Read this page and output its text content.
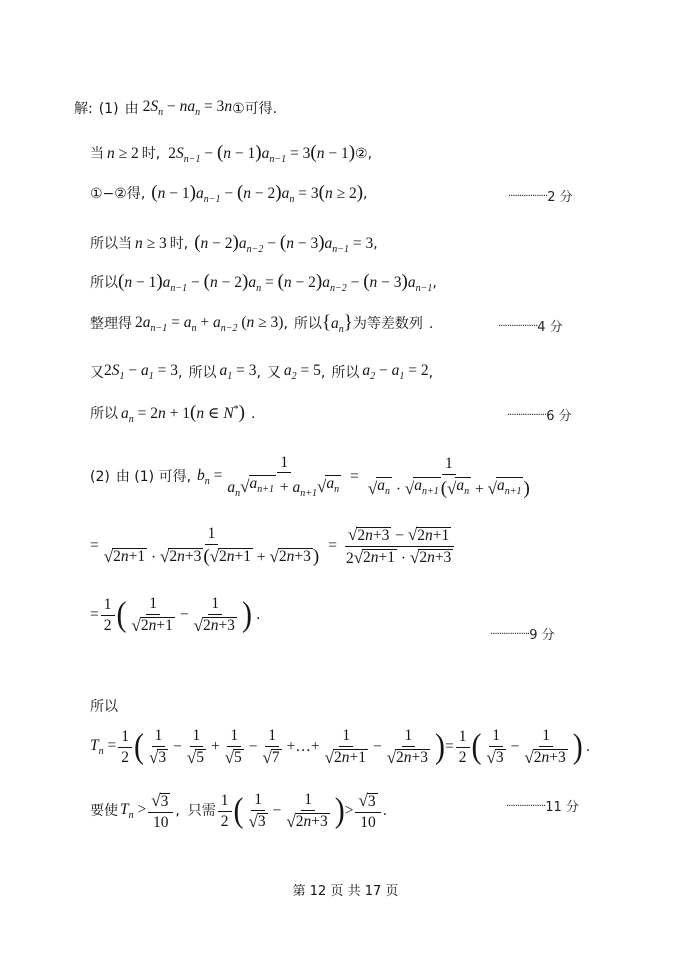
解: (1) 由 $2S_n - na_n = 3n$ ① 可得 .
当 n ≥ 2 时 , $2S_{n-1} - (n - 1)a_{n-1} = 3(n - 1)$ ② ,
①−② 得 , $(n - 1)a_{n-1} - (n - 2)a_n = 3(n \ge 2)$ ,	··················2 分
所以 当 n ≥ 3 时 , $(n - 2)a_{n-2} - (n - 3)a_{n-1} = 3$ ,
所以 $(n - 1)a_{n-1} - (n - 2)a_n = (n - 2)a_{n-2} - (n - 3)a_{n-1}$ ,
整理得 $2a_{n-1} = a_n + a_{n-2}$ (n ≥ 3) , 所以 $\{a_n\}$ 为等差数列 .	··················4 分
又 $2S_1 - a_1 = 3$ , 所以 $a_1 = 3$ , 又 $a_2 = 5$ , 所以 $a_2 - a_1 = 2$ ,
所以 $a_n = 2n + 1(n$ ∈ N*) .	··················6 分
(2) 由 (1) 可得, $b_n = \frac{1}{a_n √ a_{n+1} + a_{n+1} √ a_n} = \frac{1}{√ a_n \cdot √ a_{n+1} ( √ a_n + √ a_{n+1} )}$
= $\frac{1}{√ 2n+1 \cdot √ 2n+3 ( √ 2n+1 + √ 2n+3 )} = \frac{√ 2n+3 - √ 2n+1}{2 √ 2n+1 \cdot √ 2n+3}$
= $\frac{1}{2}$ ( $\frac{1}{√ 2n+1} - \frac{1}{√ 2n+3}$ ) .
··················9 分
所以
$T_n = \frac{1}{2}$ ( $\frac{1}{√ 3} - \frac{1}{√ 5} + \frac{1}{√ 5} - \frac{1}{√ 7}$ +…+ $\frac{1}{√ 2n+1} - \frac{1}{√ 2n+3}$ ) = $\frac{1}{2}$ ( $\frac{1}{√ 3} - \frac{1}{√ 2n+3}$ ) .
要使 $T_n > \frac{√ 3}{10}$ , 只需 $\frac{1}{2}$ ( $\frac{1}{√ 3} - \frac{1}{√ 2n+3}$ ) > $\frac{√ 3}{10}$ .	··················11 分
第 12 页 共 17 页
